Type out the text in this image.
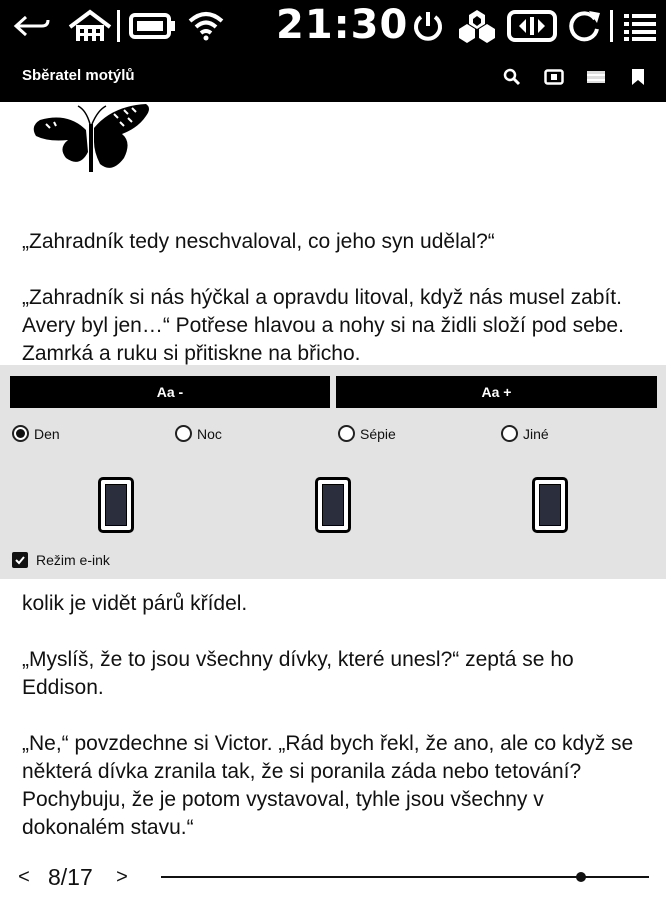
21:30
Sběratel motýlů

„Zahradník tedy neschvaloval, co jeho syn udělal?“

„Zahradník si nás hýčkal a opravdu litoval, když nás musel zabít. Avery byl jen…“ Potřese hlavou a nohy si na židli složí pod sebe. Zamrká a ruku si přitiskne na břicho.

Aa -	Aa +
Den	Noc	Sépie	Jiné
Režim e-ink

kolik je vidět párů křídel.

„Myslíš, že to jsou všechny dívky, které unesl?“ zeptá se ho Eddison.

„Ne,“ povzdechne si Victor. „Rád bych řekl, že ano, ale co když se některá dívka zranila tak, že si poranila záda nebo tetování? Pochybuju, že je potom vystavoval, tyhle jsou všechny v dokonalém stavu.“

< 8/17 >
